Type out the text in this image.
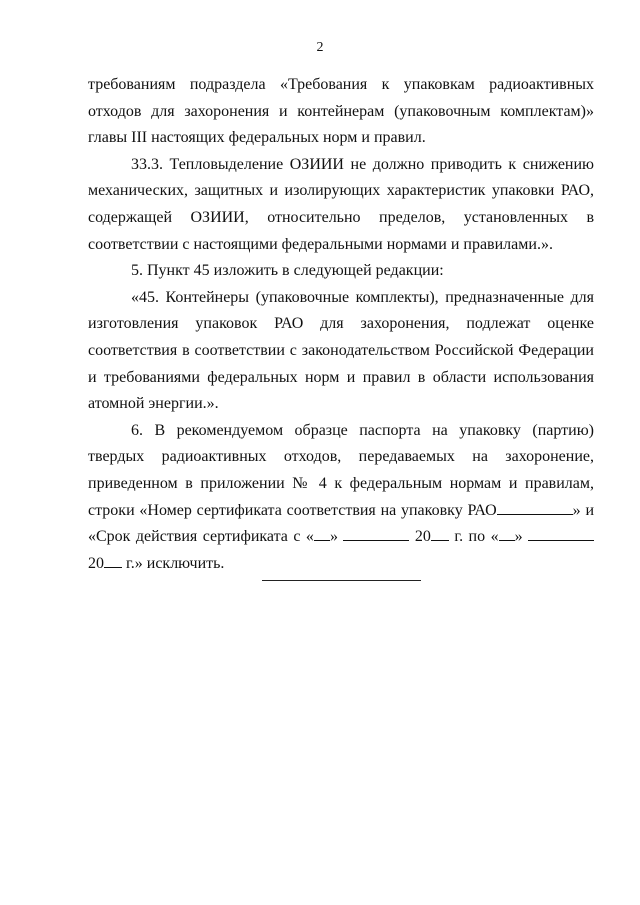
2

требованиям подраздела «Требования к упаковкам радиоактивных отходов для захоронения и контейнерам (упаковочным комплектам)» главы III настоящих федеральных норм и правил.

33.3. Тепловыделение ОЗИИИ не должно приводить к снижению механических, защитных и изолирующих характеристик упаковки РАО, содержащей ОЗИИИ, относительно пределов, установленных в соответствии с настоящими федеральными нормами и правилами.».

5. Пункт 45 изложить в следующей редакции:

«45. Контейнеры (упаковочные комплекты), предназначенные для изготовления упаковок РАО для захоронения, подлежат оценке соответствия в соответствии с законодательством Российской Федерации и требованиями федеральных норм и правил в области использования атомной энергии.».

6. В рекомендуемом образце паспорта на упаковку (партию) твердых радиоактивных отходов, передаваемых на захоронение, приведенном в приложении № 4 к федеральным нормам и правилам, строки «Номер сертификата соответствия на упаковку РАО	» и «Срок действия сертификата с « »	20 г. по « »  20 г.» исключить.
